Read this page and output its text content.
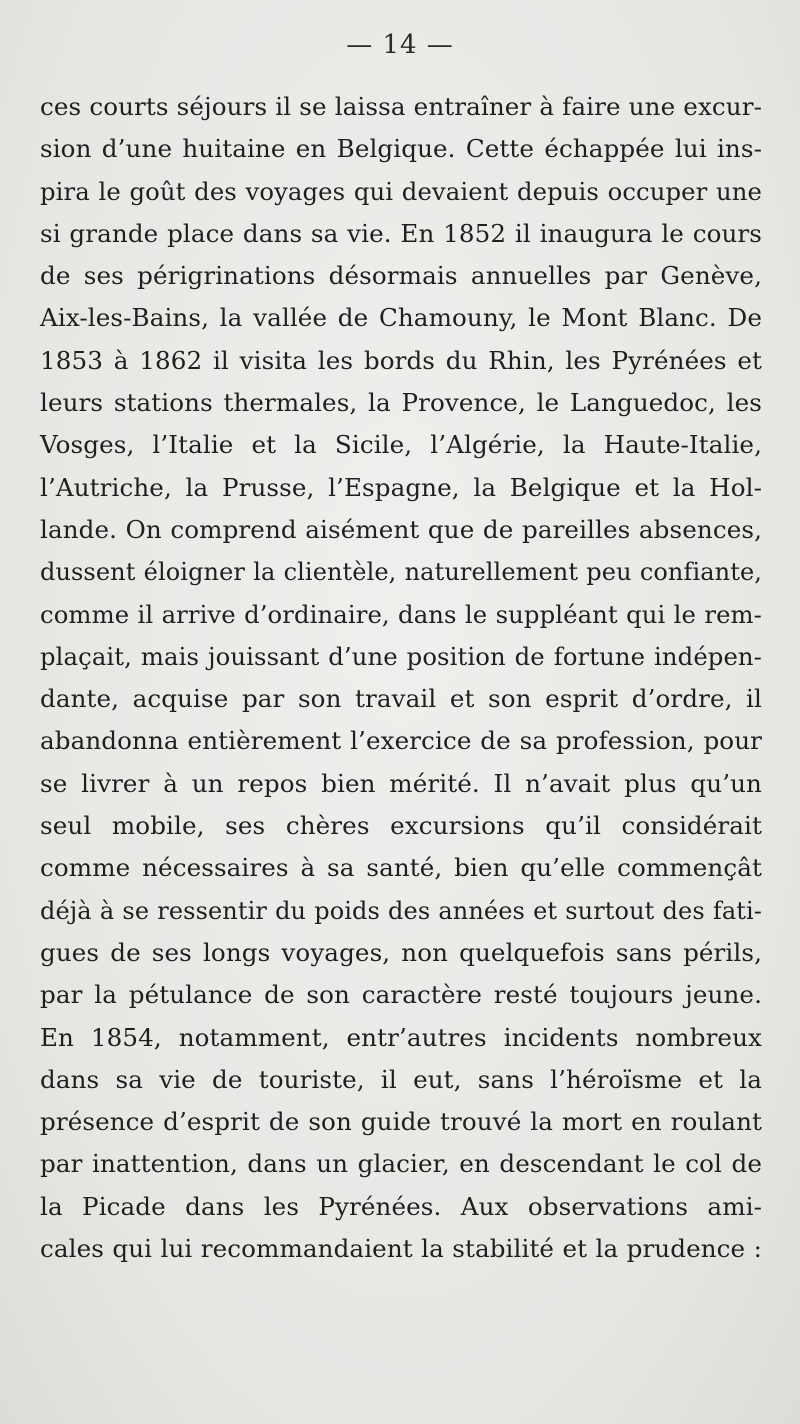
— 14 —
ces courts séjours il se laissa entraîner à faire une excur-
sion d’une huitaine en Belgique. Cette échappée lui ins-
pira le goût des voyages qui devaient depuis occuper une
si grande place dans sa vie. En 1852 il inaugura le cours
de ses périgrinations désormais annuelles par Genève,
Aix-les-Bains, la vallée de Chamouny, le Mont Blanc. De
1853 à 1862 il visita les bords du Rhin, les Pyrénées et
leurs stations thermales, la Provence, le Languedoc, les
Vosges, l’Italie et la Sicile, l’Algérie, la Haute-Italie,
l’Autriche, la Prusse, l’Espagne, la Belgique et la Hol-
lande. On comprend aisément que de pareilles absences,
dussent éloigner la clientèle, naturellement peu confiante,
comme il arrive d’ordinaire, dans le suppléant qui le rem-
plaçait, mais jouissant d’une position de fortune indépen-
dante, acquise par son travail et son esprit d’ordre, il
abandonna entièrement l’exercice de sa profession, pour
se livrer à un repos bien mérité. Il n’avait plus qu’un
seul mobile, ses chères excursions qu’il considérait
comme nécessaires à sa santé, bien qu’elle commençât
déjà à se ressentir du poids des années et surtout des fati-
gues de ses longs voyages, non quelquefois sans périls,
par la pétulance de son caractère resté toujours jeune.
En 1854, notamment, entr’autres incidents nombreux
dans sa vie de touriste, il eut, sans l’héroïsme et la
présence d’esprit de son guide trouvé la mort en roulant
par inattention, dans un glacier, en descendant le col de
la Picade dans les Pyrénées. Aux observations ami-
cales qui lui recommandaient la stabilité et la prudence :
